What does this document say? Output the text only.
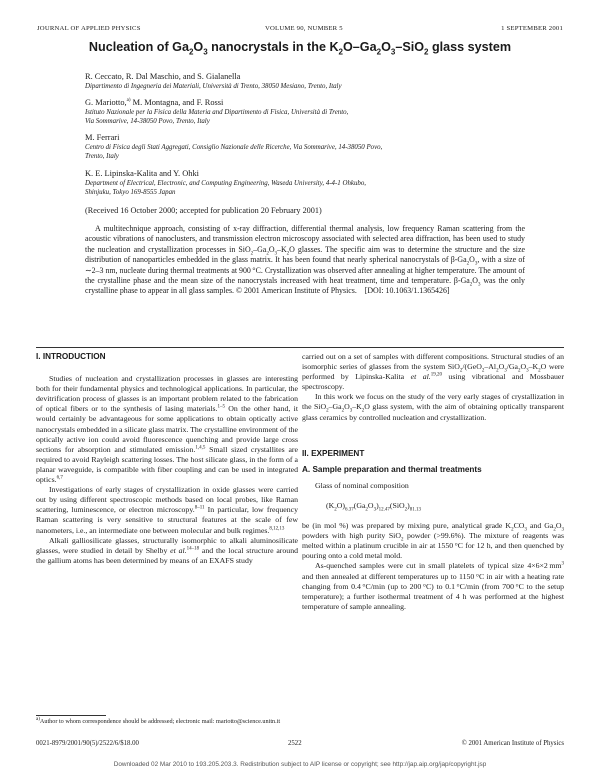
JOURNAL OF APPLIED PHYSICS	VOLUME 90, NUMBER 5	1 SEPTEMBER 2001
Nucleation of $Ga_2O_3$ nanocrystals in the $K_2O-Ga_2O_3-SiO_2$ glass system
R. Ceccato, R. Dal Maschio, and S. Gialanella
Dipartimento di Ingegneria dei Materiali, Università di Trento, 38050 Mesiano, Trento, Italy
G. Mariotto,$^{a)}$ M. Montagna, and F. Rossi
Istituto Nazionale per la Fisica della Materia and Dipartimento di Fisica, Università di Trento,
Via Sommarive, 14-38050 Povo, Trento, Italy
M. Ferrari
Centro di Fisica degli Stati Aggregati, Consiglio Nazionale delle Ricerche, Via Sommarive, 14-38050 Povo,
Trento, Italy
K. E. Lipinska-Kalita and Y. Ohki
Department of Electrical, Electronic, and Computing Engineering, Waseda University, 4-4-1 Ohkubo,
Shinjuku, Tokyo 169-8555 Japan
(Received 16 October 2000; accepted for publication 20 February 2001)
A multitechnique approach, consisting of x-ray diffraction, differential thermal analysis, low frequency Raman scattering from the acoustic vibrations of nanoclusters, and transmission electron microscopy associated with selected area diffraction, has been used to study the nucleation and crystallization processes in $SiO_2-Ga_2O_3-K_2O$ glasses. The specific aim was to determine the structure and the size distribution of nanoparticles embedded in the glass matrix. It has been found that nearly spherical nanocrystals of $\beta-Ga_2O_3$, with a size of ∼2–3 nm, nucleate during thermal treatments at 900 °C. Crystallization was observed after annealing at higher temperature. The amount of the crystalline phase and the mean size of the nanocrystals increased with heat treatment, time and temperature. $\beta-Ga_2O_3$ was the only crystalline phase to appear in all glass samples. © 2001 American Institute of Physics. [DOI: 10.1063/1.1365426]
I. INTRODUCTION

Studies of nucleation and crystallization processes in glasses are interesting both for their fundamental physics and technological applications. In particular, the devitrification process of glasses is an important problem related to the fabrication of optical fibers or to the synthesis of lasing materials.$^{1-5}$ On the other hand, it would certainly be advantageous for some applications to obtain optically active nanocrystals embedded in a silicate glass matrix. The crystalline environment of the optically active ion could avoid fluorescence quenching and provide large cross sections for absorption and stimulated emission.$^{1,4,5}$ Small sized crystallites are required to avoid Rayleigh scattering losses. The host silicate glass, in the form of a planar waveguide, is compatible with fiber coupling and can be used in integrated optics.$^{6,7}$

Investigations of early stages of crystallization in oxide glasses were carried out by using different spectroscopic methods based on local probes, like Raman scattering, luminescence, or electron microscopy.$^{8-11}$ In particular, low frequency Raman scattering is very sensitive to structural features at the scale of few nanometers, i.e., an intermediate one between molecular and bulk regimes.$^{8,12,13}$

Alkali galliosilicate glasses, structurally isomorphic to alkali aluminosilicate glasses, were studied in detail by Shelby et al.$^{14-18}$ and the local structure around the gallium atoms has been determined by means of an EXAFS study

$^{a)}$Author to whom correspondence should be addressed; electronic mail: mariotto@science.unitn.it

carried out on a set of samples with different compositions. Structural studies of an isomorphic series of glasses from the system $SiO_2/(GeO_2-Al_2O_3/Ga_2O_3-K_2O$ were performed by Lipinska-Kalita et al.$^{19,20}$ using vibrational and Mossbauer spectroscopy.

In this work we focus on the study of the very early stages of crystallization in the $SiO_2-Ga_2O_3-K_2O$ glass system, with the aim of obtaining optically transparent glass ceramics by controlled nucleation and crystallization.

II. EXPERIMENT
A. Sample preparation and thermal treatments

Glass of nominal composition

$(K_2O)_{6.37}(Ga_2O_3)_{12.47}(SiO_2)_{81.13}$

be (in mol %) was prepared by mixing pure, analytical grade $K_2CO_3$ and $Ga_2O_3$ powders with high purity SiO$_2$ powder (>99.6%). The mixture of reagents was melted within a platinum crucible in air at 1550 °C for 12 h, and then quenched by pouring onto a cold metal mold.

As-quenched samples were cut in small platelets of typical size 4×6×2 $mm^3$ and then annealed at different temperatures up to 1150 °C in air with a heating rate changing from 0.4 °C/min (up to 200 °C) to 0.1 °C/min (from 700 °C to the setup temperature); a further isothermal treatment of 4 h was performed at the highest temperature of sample annealing.

0021-8979/2001/90(5)/2522/6/$18.00	2522	© 2001 American Institute of Physics
Downloaded 02 Mar 2010 to 193.205.203.3. Redistribution subject to AIP license or copyright; see http://jap.aip.org/jap/copyright.jsp
